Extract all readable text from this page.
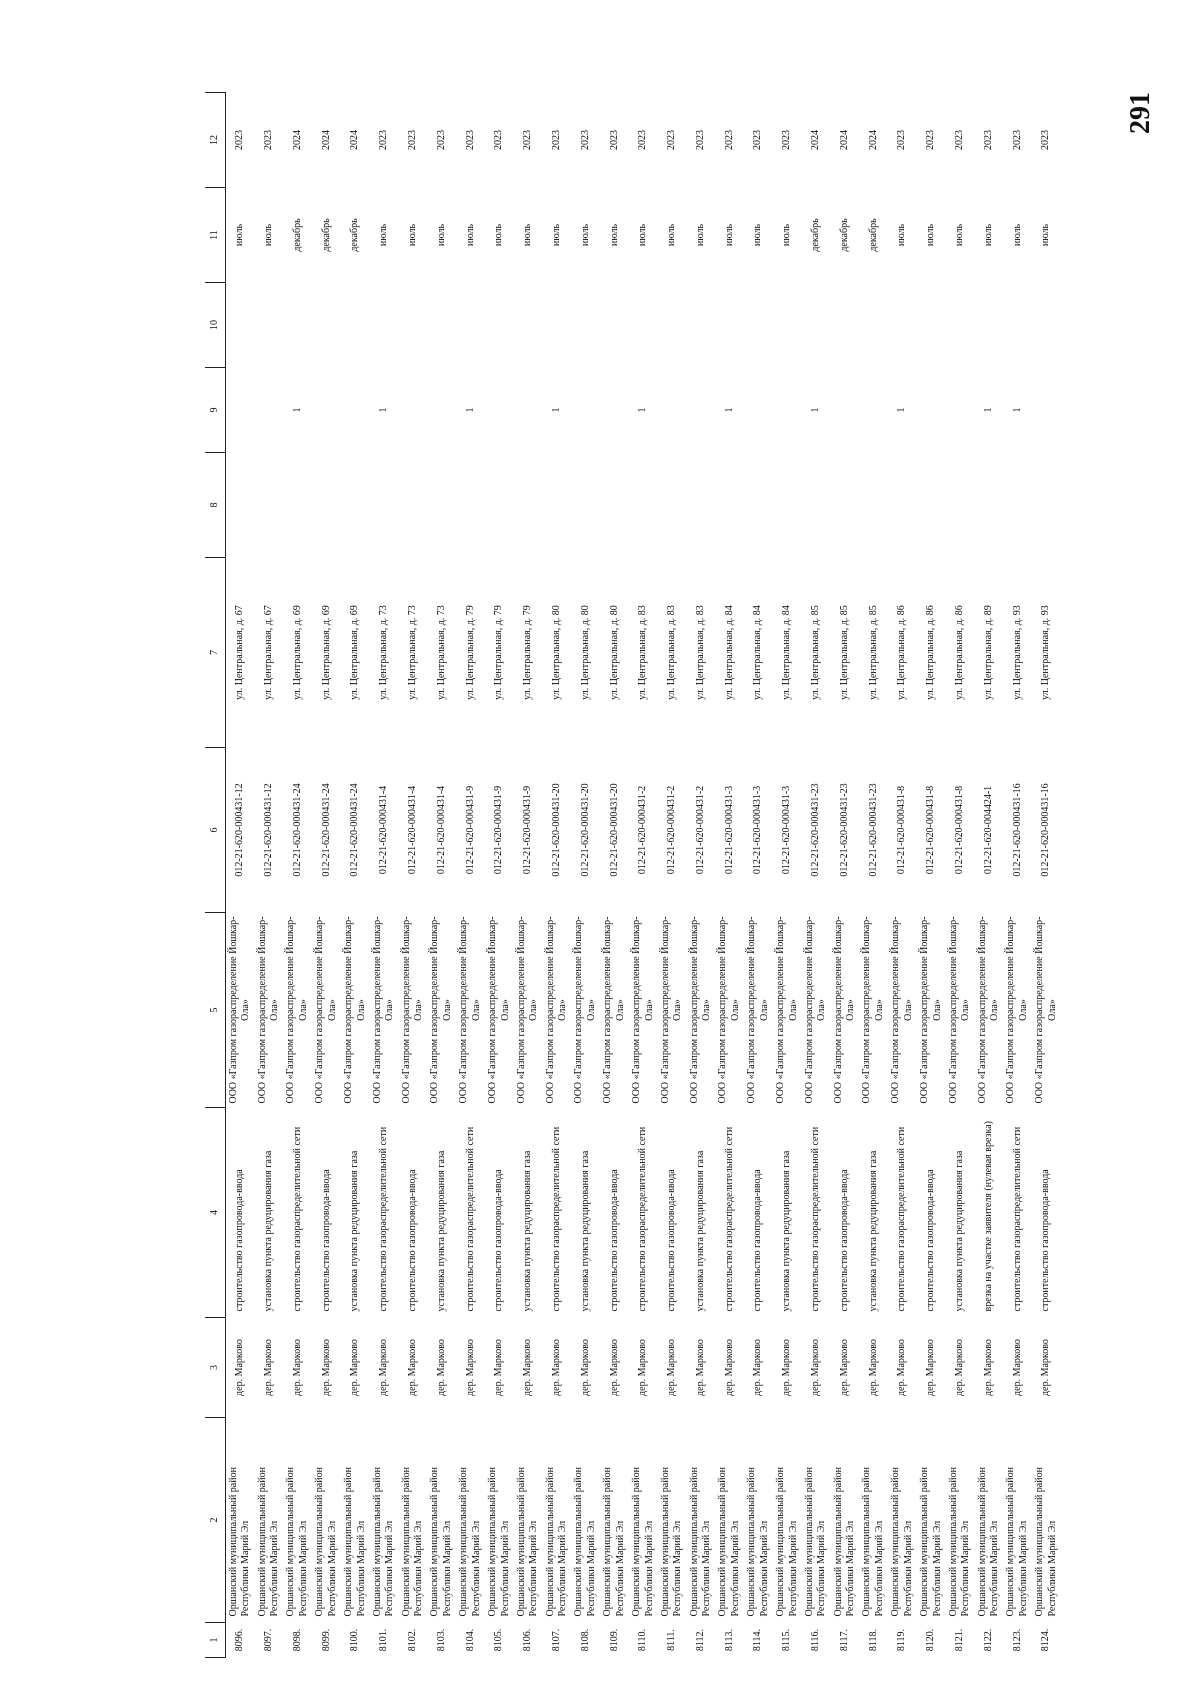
291
1	2	3	4	5	6	7	8	9	10	11	12
8096.	Оршанский муниципальный район Республики Марий Эл	дер. Марково	строительство газопровода-ввода	ООО «Газпром газораспределение Йошкар-Ола»	012-21-620-000431-12	ул. Центральная, д. 67				июль	2023
8097.	Оршанский муниципальный район Республики Марий Эл	дер. Марково	установка пункта редуцирования газа	ООО «Газпром газораспределение Йошкар-Ола»	012-21-620-000431-12	ул. Центральная, д. 67				июль	2023
8098.	Оршанский муниципальный район Республики Марий Эл	дер. Марково	строительство газораспределительной сети	ООО «Газпром газораспределение Йошкар-Ола»	012-21-620-000431-24	ул. Центральная, д. 69		1		декабрь	2024
8099.	Оршанский муниципальный район Республики Марий Эл	дер. Марково	строительство газопровода-ввода	ООО «Газпром газораспределение Йошкар-Ола»	012-21-620-000431-24	ул. Центральная, д. 69				декабрь	2024
8100.	Оршанский муниципальный район Республики Марий Эл	дер. Марково	установка пункта редуцирования газа	ООО «Газпром газораспределение Йошкар-Ола»	012-21-620-000431-24	ул. Центральная, д. 69				декабрь	2024
8101.	Оршанский муниципальный район Республики Марий Эл	дер. Марково	строительство газораспределительной сети	ООО «Газпром газораспределение Йошкар-Ола»	012-21-620-000431-4	ул. Центральная, д. 73		1		июль	2023
8102.	Оршанский муниципальный район Республики Марий Эл	дер. Марково	строительство газопровода-ввода	ООО «Газпром газораспределение Йошкар-Ола»	012-21-620-000431-4	ул. Центральная, д. 73				июль	2023
8103.	Оршанский муниципальный район Республики Марий Эл	дер. Марково	установка пункта редуцирования газа	ООО «Газпром газораспределение Йошкар-Ола»	012-21-620-000431-4	ул. Центральная, д. 73				июль	2023
8104.	Оршанский муниципальный район Республики Марий Эл	дер. Марково	строительство газораспределительной сети	ООО «Газпром газораспределение Йошкар-Ола»	012-21-620-000431-9	ул. Центральная, д. 79		1		июль	2023
8105.	Оршанский муниципальный район Республики Марий Эл	дер. Марково	строительство газопровода-ввода	ООО «Газпром газораспределение Йошкар-Ола»	012-21-620-000431-9	ул. Центральная, д. 79				июль	2023
8106.	Оршанский муниципальный район Республики Марий Эл	дер. Марково	установка пункта редуцирования газа	ООО «Газпром газораспределение Йошкар-Ола»	012-21-620-000431-9	ул. Центральная, д. 79				июль	2023
8107.	Оршанский муниципальный район Республики Марий Эл	дер. Марково	строительство газораспределительной сети	ООО «Газпром газораспределение Йошкар-Ола»	012-21-620-000431-20	ул. Центральная, д. 80		1		июль	2023
8108.	Оршанский муниципальный район Республики Марий Эл	дер. Марково	установка пункта редуцирования газа	ООО «Газпром газораспределение Йошкар-Ола»	012-21-620-000431-20	ул. Центральная, д. 80				июль	2023
8109.	Оршанский муниципальный район Республики Марий Эл	дер. Марково	строительство газопровода-ввода	ООО «Газпром газораспределение Йошкар-Ола»	012-21-620-000431-20	ул. Центральная, д. 80				июль	2023
8110.	Оршанский муниципальный район Республики Марий Эл	дер. Марково	строительство газораспределительной сети	ООО «Газпром газораспределение Йошкар-Ола»	012-21-620-000431-2	ул. Центральная, д. 83		1		июль	2023
8111.	Оршанский муниципальный район Республики Марий Эл	дер. Марково	строительство газопровода-ввода	ООО «Газпром газораспределение Йошкар-Ола»	012-21-620-000431-2	ул. Центральная, д. 83				июль	2023
8112.	Оршанский муниципальный район Республики Марий Эл	дер. Марково	установка пункта редуцирования газа	ООО «Газпром газораспределение Йошкар-Ола»	012-21-620-000431-2	ул. Центральная, д. 83				июль	2023
8113.	Оршанский муниципальный район Республики Марий Эл	дер. Марково	строительство газораспределительной сети	ООО «Газпром газораспределение Йошкар-Ола»	012-21-620-000431-3	ул. Центральная, д. 84		1		июль	2023
8114.	Оршанский муниципальный район Республики Марий Эл	дер. Марково	строительство газопровода-ввода	ООО «Газпром газораспределение Йошкар-Ола»	012-21-620-000431-3	ул. Центральная, д. 84				июль	2023
8115.	Оршанский муниципальный район Республики Марий Эл	дер. Марково	установка пункта редуцирования газа	ООО «Газпром газораспределение Йошкар-Ола»	012-21-620-000431-3	ул. Центральная, д. 84				июль	2023
8116.	Оршанский муниципальный район Республики Марий Эл	дер. Марково	строительство газораспределительной сети	ООО «Газпром газораспределение Йошкар-Ола»	012-21-620-000431-23	ул. Центральная, д. 85		1		декабрь	2024
8117.	Оршанский муниципальный район Республики Марий Эл	дер. Марково	строительство газопровода-ввода	ООО «Газпром газораспределение Йошкар-Ола»	012-21-620-000431-23	ул. Центральная, д. 85				декабрь	2024
8118.	Оршанский муниципальный район Республики Марий Эл	дер. Марково	установка пункта редуцирования газа	ООО «Газпром газораспределение Йошкар-Ола»	012-21-620-000431-23	ул. Центральная, д. 85				декабрь	2024
8119.	Оршанский муниципальный район Республики Марий Эл	дер. Марково	строительство газораспределительной сети	ООО «Газпром газораспределение Йошкар-Ола»	012-21-620-000431-8	ул. Центральная, д. 86		1		июль	2023
8120.	Оршанский муниципальный район Республики Марий Эл	дер. Марково	строительство газопровода-ввода	ООО «Газпром газораспределение Йошкар-Ола»	012-21-620-000431-8	ул. Центральная, д. 86				июль	2023
8121.	Оршанский муниципальный район Республики Марий Эл	дер. Марково	установка пункта редуцирования газа	ООО «Газпром газораспределение Йошкар-Ола»	012-21-620-000431-8	ул. Центральная, д. 86				июль	2023
8122.	Оршанский муниципальный район Республики Марий Эл	дер. Марково	врезка на участке заявителя (нулевая врезка)	ООО «Газпром газораспределение Йошкар-Ола»	012-21-620-004424-1	ул. Центральная, д. 89		1		июль	2023
8123.	Оршанский муниципальный район Республики Марий Эл	дер. Марково	строительство газораспределительной сети	ООО «Газпром газораспределение Йошкар-Ола»	012-21-620-000431-16	ул. Центральная, д. 93		1		июль	2023
8124.	Оршанский муниципальный район Республики Марий Эл	дер. Марково	строительство газопровода-ввода	ООО «Газпром газораспределение Йошкар-Ола»	012-21-620-000431-16	ул. Центральная, д. 93				июль	2023
